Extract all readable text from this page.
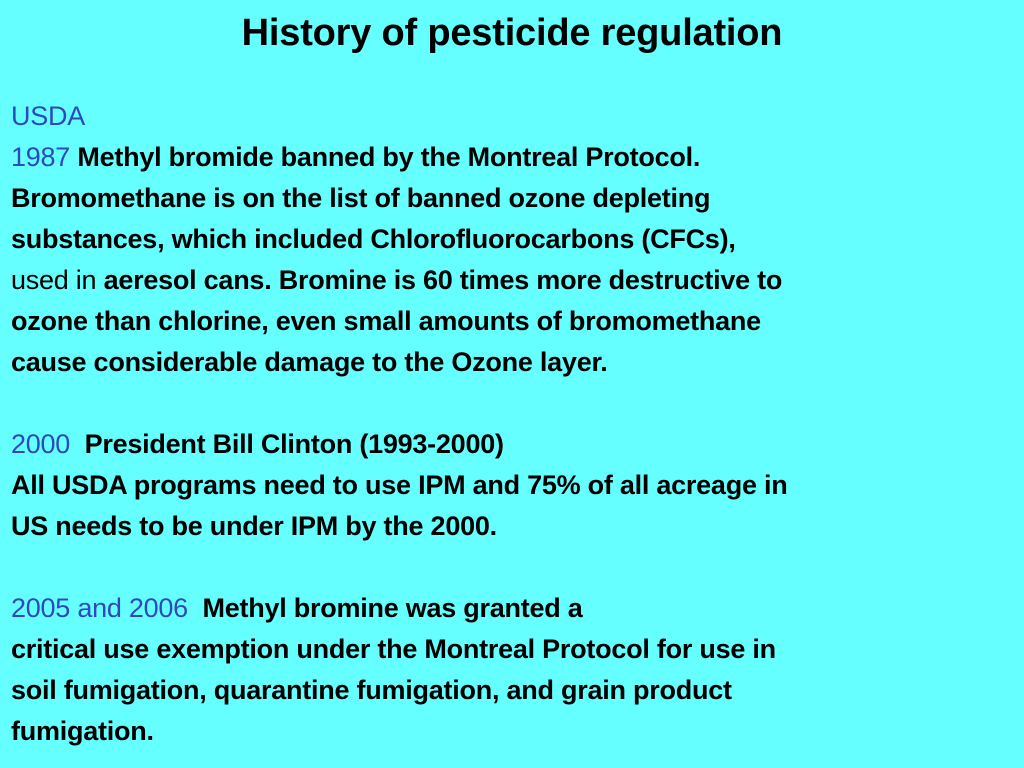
History of pesticide regulation
USDA
1987 Methyl bromide banned by the Montreal Protocol.
Bromomethane is on the list of banned ozone depleting
substances, which included Chlorofluorocarbons (CFCs),
used in aeresol cans. Bromine is 60 times more destructive to
ozone than chlorine, even small amounts of bromomethane
cause considerable damage to the Ozone layer.
2000 President Bill Clinton (1993-2000)
All USDA programs need to use IPM and 75% of all acreage in
US needs to be under IPM by the 2000.
2005 and 2006 Methyl bromine was granted a
critical use exemption under the Montreal Protocol for use in
soil fumigation, quarantine fumigation, and grain product
fumigation.
